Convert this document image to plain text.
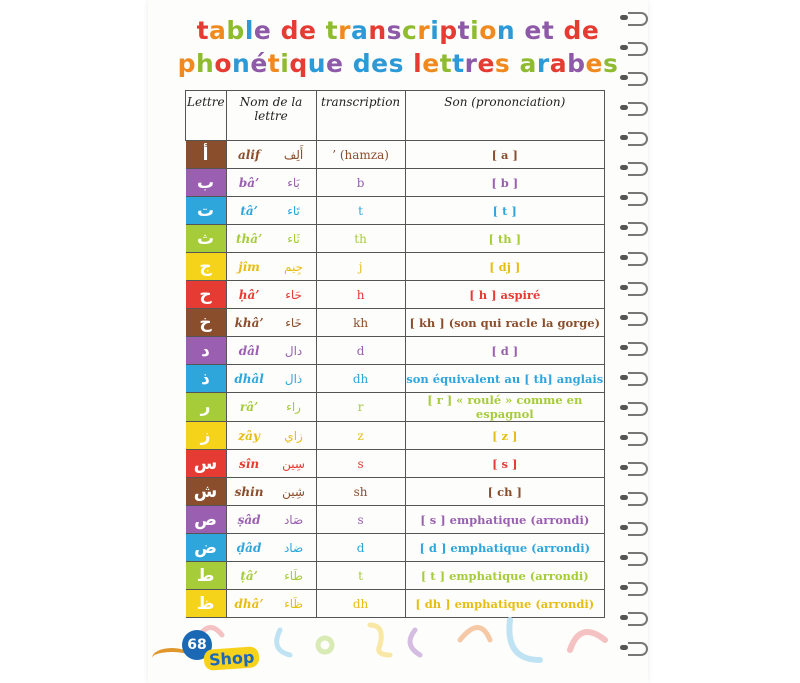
table de transcription et de
phonétique des lettres arabes
Lettre	Nom de la lettre		transcription	Son (prononciation)
أ	alif	أَلِف	’ (hamza)	[ a ]
ب	bâ’	بَاء	b	[ b ]
ت	tâ’	تَاء	t	[ t ]
ث	thâ’	ثَاء	th	[ th ]
ج	jîm	جِيم	j	[ dj ]
ح	ḥâ’	حَاء	h	[ h ] aspiré
خ	khâ’	خَاء	kh	[ kh ] (son qui racle la gorge)
د	dâl	دال	d	[ d ]
ذ	dhâl	ذال	dh	son équivalent au [ th] anglais
ر	râ’	راء	r	[ r ] « roulé » comme en espagnol
ز	zây	زاي	z	[ z ]
س	sîn	سِين	s	[ s ]
ش	shin	شِين	sh	[ ch ]
ص	ṣâd	صَاد	s	[ s ] emphatique (arrondi)
ض	ḍâd	ضاد	d	[ d ] emphatique (arrondi)
ط	ṭâ’	طَاء	t	[ t ] emphatique (arrondi)
ظ	dhâ’	ظَاء	dh	[ dh ] emphatique (arrondi)
68
Shop
